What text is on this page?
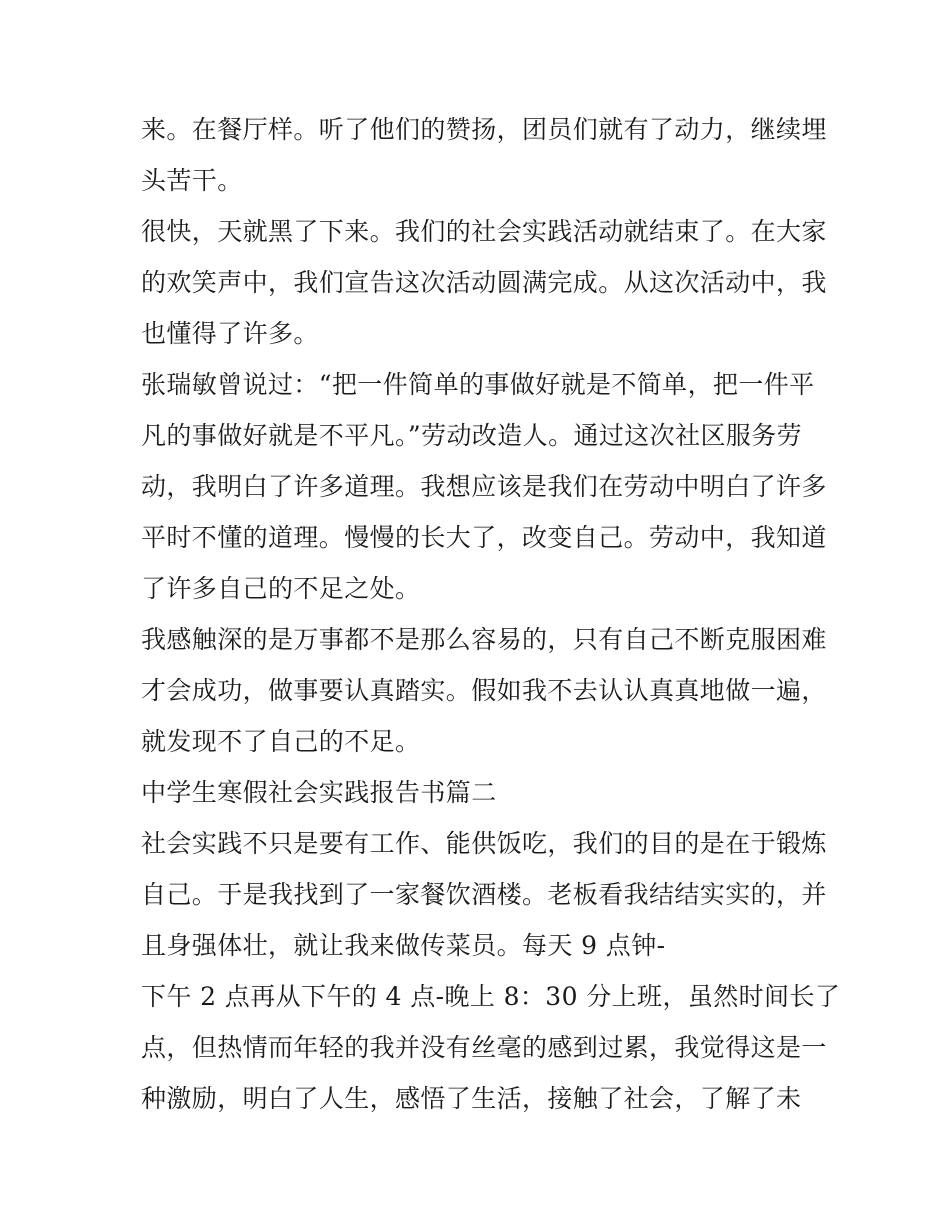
来。在餐厅样。听了他们的赞扬，团员们就有了动力，继续埋
头苦干。
很快，天就黑了下来。我们的社会实践活动就结束了。在大家
的欢笑声中，我们宣告这次活动圆满完成。从这次活动中，我
也懂得了许多。
张瑞敏曾说过：“把一件简单的事做好就是不简单，把一件平
凡的事做好就是不平凡。”劳动改造人。通过这次社区服务劳
动，我明白了许多道理。我想应该是我们在劳动中明白了许多
平时不懂的道理。慢慢的长大了，改变自己。劳动中，我知道
了许多自己的不足之处。
我感触深的是万事都不是那么容易的，只有自己不断克服困难
才会成功，做事要认真踏实。假如我不去认认真真地做一遍，
就发现不了自己的不足。
中学生寒假社会实践报告书篇二
社会实践不只是要有工作、能供饭吃，我们的目的是在于锻炼
自己。于是我找到了一家餐饮酒楼。老板看我结结实实的，并
且身强体壮，就让我来做传菜员。每天 9 点钟-
下午 2 点再从下午的 4 点-晚上 8：30 分上班，虽然时间长了
点，但热情而年轻的我并没有丝毫的感到过累，我觉得这是一
种激励，明白了人生，感悟了生活，接触了社会，了解了未
